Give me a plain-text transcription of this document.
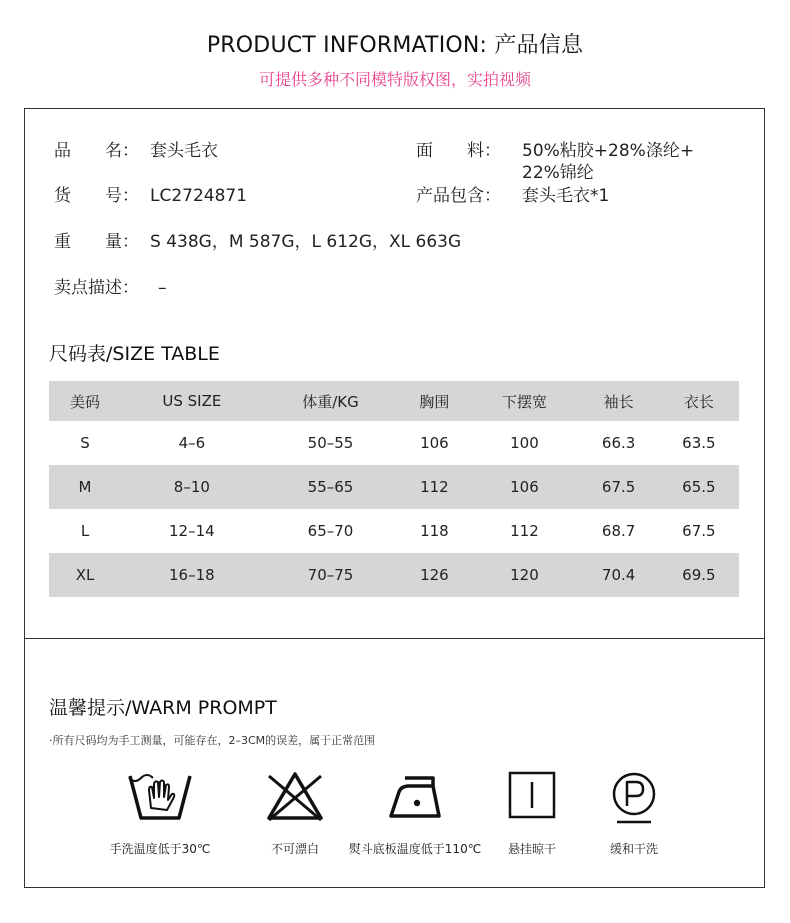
PRODUCT INFORMATION: 产品信息
可提供多种不同模特版权图，实拍视频
品　　名： 套头毛衣	面　　料： 50%粘胶+28%涤纶+
22%锦纶
货　　号： LC2724871	产品包含： 套头毛衣*1
重　　量： S 438G，M 587G，L 612G，XL 663G
卖点描述： –
尺码表/SIZE TABLE
美码	US SIZE	体重/KG	胸围	下摆宽	袖长	衣长
S	4–6	50–55	106	100	66.3	63.5
M	8–10	55–65	112	106	67.5	65.5
L	12–14	65–70	118	112	68.7	67.5
XL	16–18	70–75	126	120	70.4	69.5
温馨提示/WARM PROMPT
·所有尺码均为手工测量，可能存在，2–3CM的误差，属于正常范围
手洗温度低于30℃	不可漂白	熨斗底板温度低于110℃	悬挂晾干	缓和干洗
